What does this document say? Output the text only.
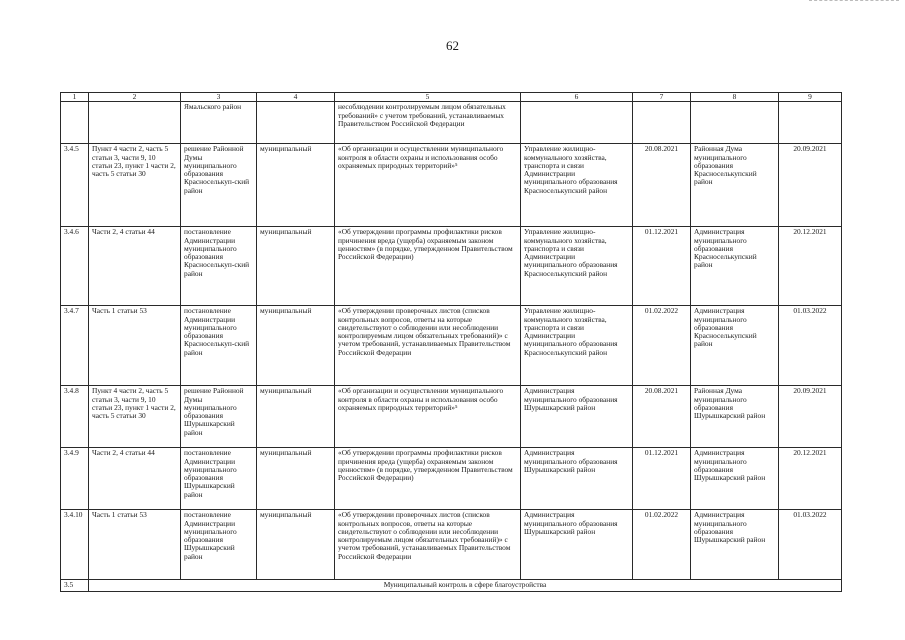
62
1	2	3	4	5	6	7	8	9
		Ямальского район		несоблюдении контролируемым лицом обязательных требований» с учетом требований, устанавливаемых Правительством Российской Федерации				
3.4.5	Пункт 4 части 2, часть 5 статьи 3, части 9, 10 статьи 23, пункт 1 части 2, часть 5 статьи 30	решение Районной Думы муниципального образования Красноселькуп-ский район	муниципальный	«Об организации и осуществлении муниципального контроля в области охраны и использования особо охраняемых природных территорий»⁵	Управление жилищно-коммунального хозяйства, транспорта и связи Администрации муниципального образования Красноселькупский район	20.08.2021	Районная Дума муниципального образования Красноселькупский район	20.09.2021
3.4.6	Части 2, 4 статьи 44	постановление Администрации муниципального образования Красноселькуп-ский район	муниципальный	«Об утверждении программы профилактики рисков причинения вреда (ущерба) охраняемым законом ценностям» (в порядке, утвержденном Правительством Российской Федерации)	Управление жилищно-коммунального хозяйства, транспорта и связи Администрации муниципального образования Красноселькупский район	01.12.2021	Администрация муниципального образования Красноселькупский район	20.12.2021
3.4.7	Часть 1 статьи 53	постановление Администрации муниципального образования Красноселькуп-ский район	муниципальный	«Об утверждении проверочных листов (списков контрольных вопросов, ответы на которые свидетельствуют о соблюдении или несоблюдении контролируемым лицом обязательных требований)» с учетом требований, устанавливаемых Правительством Российской Федерации	Управление жилищно-коммунального хозяйства, транспорта и связи Администрации муниципального образования Красноселькупский район	01.02.2022	Администрация муниципального образования Красноселькупский район	01.03.2022
3.4.8	Пункт 4 части 2, часть 5 статьи 3, части 9, 10 статьи 23, пункт 1 части 2, часть 5 статьи 30	решение Районной Думы муниципального образования Шурышкарский район	муниципальный	«Об организации и осуществлении муниципального контроля в области охраны и использования особо охраняемых природных территорий»⁵	Администрация муниципального образования Шурышкарский район	20.08.2021	Районная Дума муниципального образования Шурышкарский район	20.09.2021
3.4.9	Части 2, 4 статьи 44	постановление Администрации муниципального образования Шурышкарский район	муниципальный	«Об утверждении программы профилактики рисков причинения вреда (ущерба) охраняемым законом ценностям» (в порядке, утвержденном Правительством Российской Федерации)	Администрация муниципального образования Шурышкарский район	01.12.2021	Администрация муниципального образования Шурышкарский район	20.12.2021
3.4.10	Часть 1 статьи 53	постановление Администрации муниципального образования Шурышкарский район	муниципальный	«Об утверждении проверочных листов (списков контрольных вопросов, ответы на которые свидетельствуют о соблюдении или несоблюдении контролируемым лицом обязательных требований)» с учетом требований, устанавливаемых Правительством Российской Федерации	Администрация муниципального образования Шурышкарский район	01.02.2022	Администрация муниципального образования Шурышкарский район	01.03.2022
3.5	Муниципальный контроль в сфере благоустройства							
